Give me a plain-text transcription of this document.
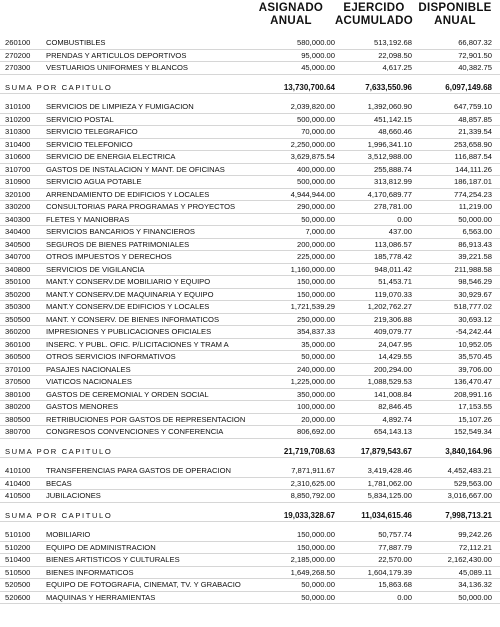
ASIGNADO
ANUAL
EJERCIDO
ACUMULADO
DISPONIBLE
ANUAL
260100	COMBUSTIBLES	580,000.00	513,192.68	66,807.32
270200	PRENDAS Y ARTICULOS DEPORTIVOS	95,000.00	22,098.50	72,901.50
270300	VESTUARIOS UNIFORMES Y BLANCOS	45,000.00	4,617.25	40,382.75
SUMA POR CAPITULO	13,730,700.64	7,633,550.96	6,097,149.68
310100	SERVICIOS DE LIMPIEZA Y FUMIGACION	2,039,820.00	1,392,060.90	647,759.10
310200	SERVICIO POSTAL	500,000.00	451,142.15	48,857.85
310300	SERVICIO TELEGRAFICO	70,000.00	48,660.46	21,339.54
310400	SERVICIO TELEFONICO	2,250,000.00	1,996,341.10	253,658.90
310600	SERVICIO DE ENERGIA ELECTRICA	3,629,875.54	3,512,988.00	116,887.54
310700	GASTOS DE INSTALACION Y MANT. DE OFICINAS	400,000.00	255,888.74	144,111.26
310900	SERVICIO AGUA POTABLE	500,000.00	313,812.99	186,187.01
320100	ARRENDAMIENTO DE EDIFICIOS Y LOCALES	4,944,944.00	4,170,689.77	774,254.23
330200	CONSULTORIAS PARA PROGRAMAS Y PROYECTOS	290,000.00	278,781.00	11,219.00
340300	FLETES Y MANIOBRAS	50,000.00	0.00	50,000.00
340400	SERVICIOS BANCARIOS Y FINANCIEROS	7,000.00	437.00	6,563.00
340500	SEGUROS DE BIENES PATRIMONIALES	200,000.00	113,086.57	86,913.43
340700	OTROS IMPUESTOS Y DERECHOS	225,000.00	185,778.42	39,221.58
340800	SERVICIOS DE VIGILANCIA	1,160,000.00	948,011.42	211,988.58
350100	MANT.Y CONSERV.DE MOBILIARIO Y EQUIPO	150,000.00	51,453.71	98,546.29
350200	MANT.Y CONSERV.DE MAQUINARIA Y EQUIPO	150,000.00	119,070.33	30,929.67
350300	MANT.Y CONSERV.DE EDIFICIOS Y LOCALES	1,721,539.29	1,202,762.27	518,777.02
350500	MANT. Y CONSERV. DE BIENES INFORMATICOS	250,000.00	219,306.88	30,693.12
360200	IMPRESIONES Y PUBLICACIONES OFICIALES	354,837.33	409,079.77	-54,242.44
360100	INSERC. Y PUBL. OFIC. P/LICITACIONES Y TRAM A	35,000.00	24,047.95	10,952.05
360500	OTROS SERVICIOS INFORMATIVOS	50,000.00	14,429.55	35,570.45
370100	PASAJES NACIONALES	240,000.00	200,294.00	39,706.00
370500	VIATICOS NACIONALES	1,225,000.00	1,088,529.53	136,470.47
380100	GASTOS DE CEREMONIAL Y ORDEN SOCIAL	350,000.00	141,008.84	208,991.16
380200	GASTOS MENORES	100,000.00	82,846.45	17,153.55
380500	RETRIBUCIONES POR GASTOS DE REPRESENTACION	20,000.00	4,892.74	15,107.26
380700	CONGRESOS CONVENCIONES Y CONFERENCIA	806,692.00	654,143.13	152,549.34
SUMA POR CAPITULO	21,719,708.63	17,879,543.67	3,840,164.96
410100	TRANSFERENCIAS PARA GASTOS DE OPERACION	7,871,911.67	3,419,428.46	4,452,483.21
410400	BECAS	2,310,625.00	1,781,062.00	529,563.00
410500	JUBILACIONES	8,850,792.00	5,834,125.00	3,016,667.00
SUMA POR CAPITULO	19,033,328.67	11,034,615.46	7,998,713.21
510100	MOBILIARIO	150,000.00	50,757.74	99,242.26
510200	EQUIPO DE ADMINISTRACION	150,000.00	77,887.79	72,112.21
510400	BIENES ARTISTICOS Y CULTURALES	2,185,000.00	22,570.00	2,162,430.00
510500	BIENES INFORMATICOS	1,649,268.50	1,604,179.39	45,089.11
520500	EQUIPO DE FOTOGRAFIA, CINEMAT, TV. Y GRABACIO	50,000.00	15,863.68	34,136.32
520600	MAQUINAS Y HERRAMIENTAS	50,000.00	0.00	50,000.00
